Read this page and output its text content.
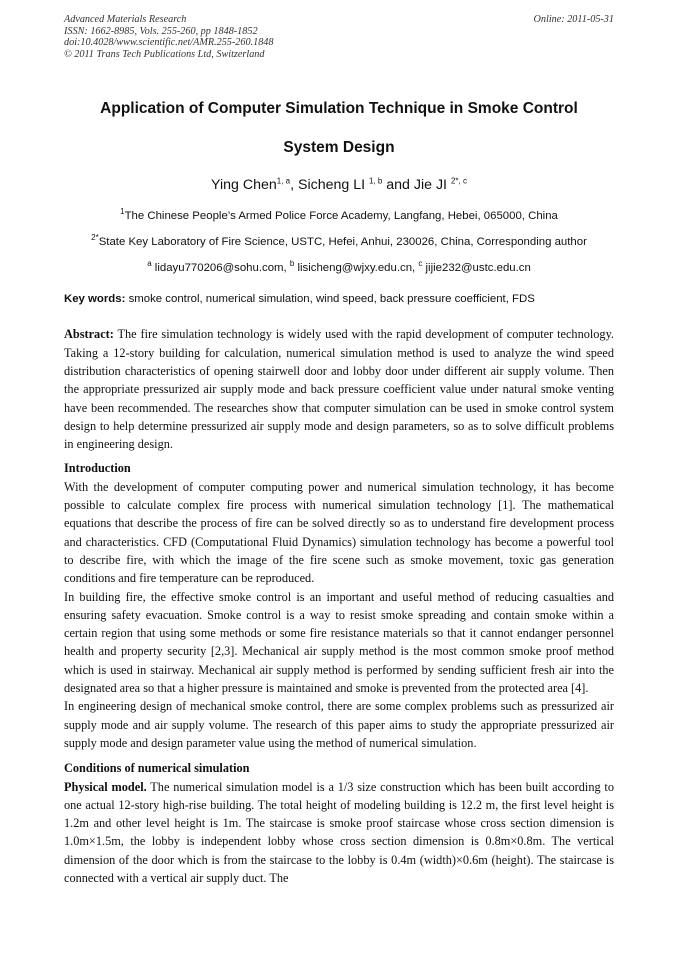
Advanced Materials Research
ISSN: 1662-8985, Vols. 255-260, pp 1848-1852
doi:10.4028/www.scientific.net/AMR.255-260.1848
© 2011 Trans Tech Publications Ltd, Switzerland
Online: 2011-05-31
Application of Computer Simulation Technique in Smoke Control
System Design
Ying Chen$^{1, a}$, Sicheng LI $^{1, b}$ and Jie JI $^{2*, c}$
$^1$The Chinese People’s Armed Police Force Academy, Langfang, Hebei, 065000, China
$^{2*}$State Key Laboratory of Fire Science, USTC, Hefei, Anhui, 230026, China, Corresponding author
$^a$ lidayu770206@sohu.com, $^b$ lisicheng@wjxy.edu.cn, $^c$ jijie232@ustc.edu.cn
Key words: smoke control, numerical simulation, wind speed, back pressure coefficient, FDS

Abstract: The fire simulation technology is widely used with the rapid development of computer technology. Taking a 12-story building for calculation, numerical simulation method is used to analyze the wind speed distribution characteristics of opening stairwell door and lobby door under different air supply volume. Then the appropriate pressurized air supply mode and back pressure coefficient value under natural smoke venting have been recommended. The researches show that computer simulation can be used in smoke control system design to help determine pressurized air supply mode and design parameters, so as to solve difficult problems in engineering design.

Introduction

With the development of computer computing power and numerical simulation technology, it has become possible to calculate complex fire process with numerical simulation technology [1]. The mathematical equations that describe the process of fire can be solved directly so as to understand fire development process and characteristics. CFD (Computational Fluid Dynamics) simulation technology has become a powerful tool to describe fire, with which the image of the fire scene such as smoke movement, toxic gas generation conditions and fire temperature can be reproduced.

In building fire, the effective smoke control is an important and useful method of reducing casualties and ensuring safety evacuation. Smoke control is a way to resist smoke spreading and contain smoke within a certain region that using some methods or some fire resistance materials so that it cannot endanger personnel health and property security [2,3]. Mechanical air supply method is the most common smoke proof method which is used in stairway. Mechanical air supply method is performed by sending sufficient fresh air into the designated area so that a higher pressure is maintained and smoke is prevented from the protected area [4].

In engineering design of mechanical smoke control, there are some complex problems such as pressurized air supply mode and air supply volume. The research of this paper aims to study the appropriate pressurized air supply mode and design parameter value using the method of numerical simulation.

Conditions of numerical simulation

Physical model. The numerical simulation model is a 1/3 size construction which has been built according to one actual 12-story high-rise building. The total height of modeling building is 12.2 m, the first level height is 1.2m and other level height is 1m. The staircase is smoke proof staircase whose cross section dimension is 1.0m×1.5m, the lobby is independent lobby whose cross section dimension is 0.8m×0.8m. The vertical dimension of the door which is from the staircase to the lobby is 0.4m (width)×0.6m (height). The staircase is connected with a vertical air supply duct. The
